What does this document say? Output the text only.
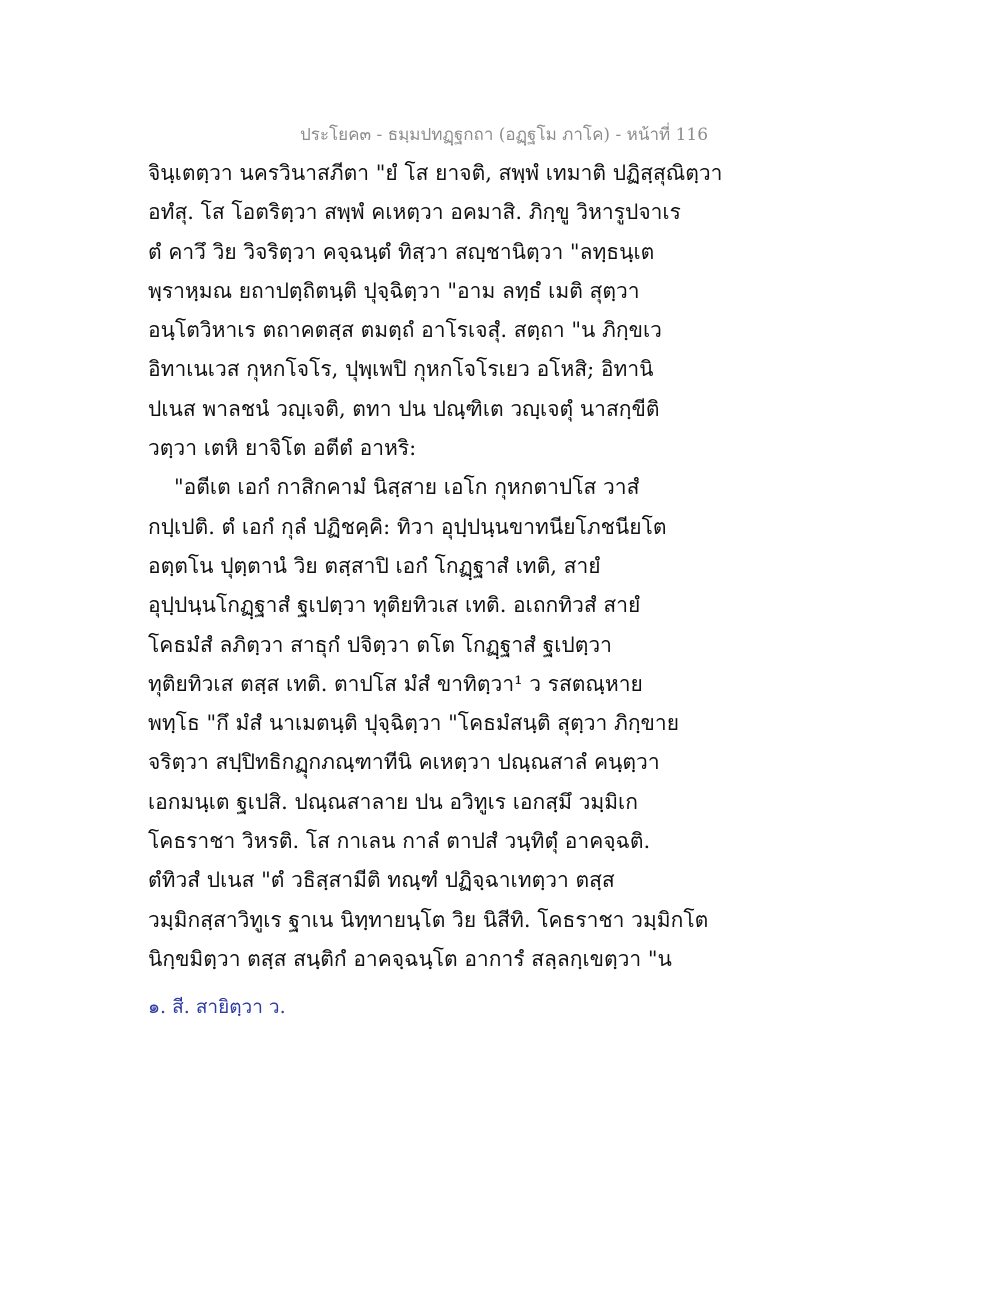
ประโยค๓ - ธมฺมปทฏฺฐกถา (อฏฺฐโม ภาโค) - หน้าที่ 116
จินฺเตตฺวา นครวินาสภีตา "ยํ โส ยาจติ, สพฺพํ เทมาติ ปฏิสฺสุณิตฺวา
อทํสุ. โส โอตริตฺวา สพฺพํ คเหตฺวา อคมาสิ. ภิกฺขู วิหารูปจาเร
ตํ คาวึ วิย วิจริตฺวา คจฺฉนฺตํ ทิสฺวา สญฺชานิตฺวา "ลทฺธนฺเต
พฺราหฺมณ ยถาปตฺถิตนฺติ ปุจฺฉิตฺวา "อาม ลทฺธํ เมติ สุตฺวา
อนฺโตวิหาเร ตถาคตสฺส ตมตฺถํ อาโรเจสุํ. สตฺถา "น ภิกฺขเว
อิทาเนเวส กุหกโจโร, ปุพฺเพปิ กุหกโจโรเยว อโหสิ; อิทานิ
ปเนส พาลชนํ วญฺเจติ, ตทา ปน ปณฺฑิเต วญฺเจตุํ นาสกฺขีติ
วตฺวา เตหิ ยาจิโต อตีตํ อาหริ:
"อตีเต เอกํ กาสิกคามํ นิสฺสาย เอโก กุหกตาปโส วาสํ
กปฺเปติ. ตํ เอกํ กุลํ ปฏิชคฺคิ: ทิวา อุปฺปนฺนขาทนียโภชนียโต
อตฺตโน ปุตฺตานํ วิย ตสฺสาปิ เอกํ โกฏฺฐาสํ เทติ, สายํ
อุปฺปนฺนโกฏฺฐาสํ ฐเปตฺวา ทุติยทิวเส เทติ. อเถกทิวสํ สายํ
โคธมํสํ ลภิตฺวา สาธุกํ ปจิตฺวา ตโต โกฏฺฐาสํ ฐเปตฺวา
ทุติยทิวเส ตสฺส เทติ. ตาปโส มํสํ ขาทิตฺวา¹ ว รสตณฺหาย
พทฺโธ "กึ มํสํ นาเมตนฺติ ปุจฺฉิตฺวา "โคธมํสนฺติ สุตฺวา ภิกฺขาย
จริตฺวา สปฺปิทธิกฏุกภณฺฑาทีนิ คเหตฺวา ปณฺณสาลํ คนฺตฺวา
เอกมนฺเต ฐเปสิ. ปณฺณสาลาย ปน อวิทูเร เอกสฺมึ วมฺมิเก
โคธราชา วิหรติ. โส กาเลน กาลํ ตาปสํ วนฺทิตุํ อาคจฺฉติ.
ตํทิวสํ ปเนส "ตํ วธิสฺสามีติ ทณฺฑํ ปฏิจฺฉาเทตฺวา ตสฺส
วมฺมิกสฺสาวิทูเร ฐาเน นิทฺทายนฺโต วิย นิสีทิ. โคธราชา วมฺมิกโต
นิกฺขมิตฺวา ตสฺส สนฺติกํ อาคจฺฉนฺโต อาการํ สลฺลกฺเขตฺวา "น
๑. สี. สายิตฺวา ว.
